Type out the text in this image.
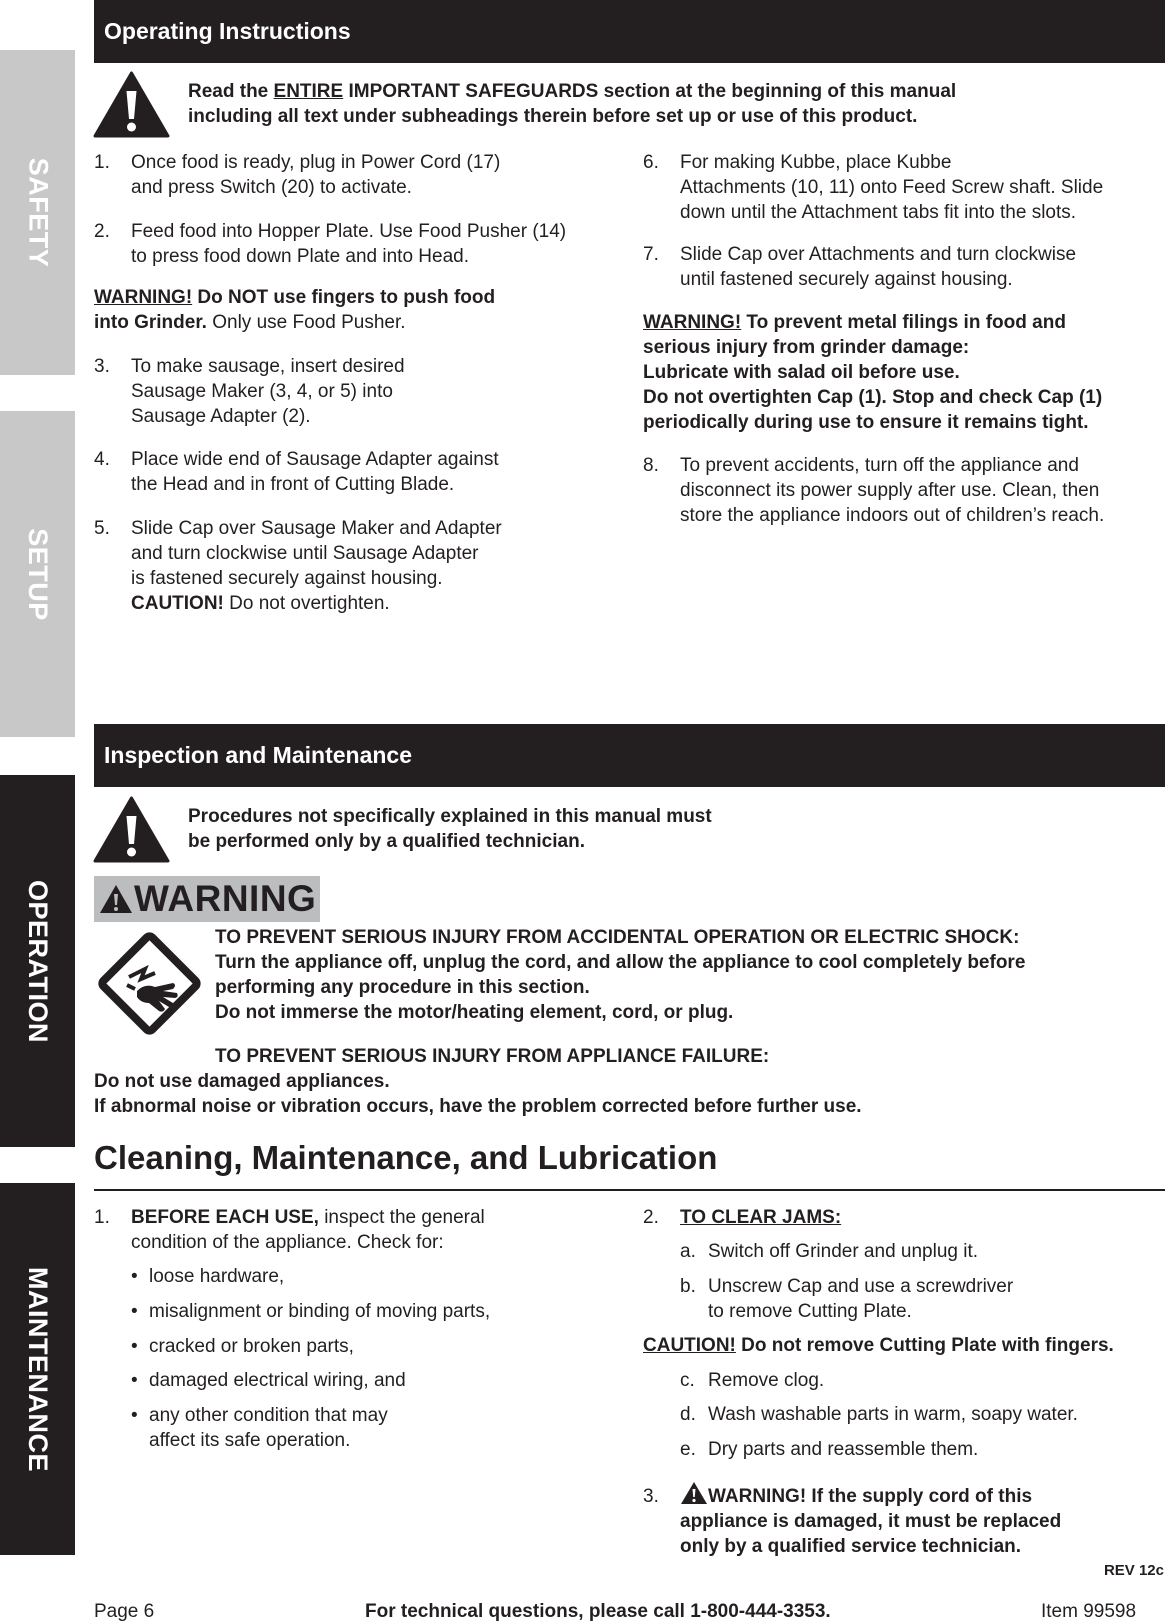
SAFETY
SETUP
OPERATION
MAINTENANCE
Operating Instructions
Read the ENTIRE IMPORTANT SAFEGUARDS section at the beginning of this manual
including all text under subheadings therein before set up or use of this product.
1. Once food is ready, plug in Power Cord (17)
and press Switch (20) to activate.
2. Feed food into Hopper Plate. Use Food Pusher (14)
to press food down Plate and into Head.
WARNING! Do NOT use fingers to push food
into Grinder. Only use Food Pusher.
3. To make sausage, insert desired
Sausage Maker (3, 4, or 5) into
Sausage Adapter (2).
4. Place wide end of Sausage Adapter against
the Head and in front of Cutting Blade.
5. Slide Cap over Sausage Maker and Adapter
and turn clockwise until Sausage Adapter
is fastened securely against housing.
CAUTION! Do not overtighten.
6. For making Kubbe, place Kubbe
Attachments (10, 11) onto Feed Screw shaft. Slide
down until the Attachment tabs fit into the slots.
7. Slide Cap over Attachments and turn clockwise
until fastened securely against housing.
WARNING! To prevent metal filings in food and
serious injury from grinder damage:
Lubricate with salad oil before use.
Do not overtighten Cap (1). Stop and check Cap (1)
periodically during use to ensure it remains tight.
8. To prevent accidents, turn off the appliance and
disconnect its power supply after use. Clean, then
store the appliance indoors out of children’s reach.
Inspection and Maintenance
Procedures not specifically explained in this manual must
be performed only by a qualified technician.
WARNING
TO PREVENT SERIOUS INJURY FROM ACCIDENTAL OPERATION OR ELECTRIC SHOCK:
Turn the appliance off, unplug the cord, and allow the appliance to cool completely before
performing any procedure in this section.
Do not immerse the motor/heating element, cord, or plug.
TO PREVENT SERIOUS INJURY FROM APPLIANCE FAILURE:
Do not use damaged appliances.
If abnormal noise or vibration occurs, have the problem corrected before further use.
Cleaning, Maintenance, and Lubrication
1. BEFORE EACH USE, inspect the general
condition of the appliance. Check for:
• loose hardware,
• misalignment or binding of moving parts,
• cracked or broken parts,
• damaged electrical wiring, and
• any other condition that may
affect its safe operation.
2. TO CLEAR JAMS:
a. Switch off Grinder and unplug it.
b. Unscrew Cap and use a screwdriver
to remove Cutting Plate.
CAUTION! Do not remove Cutting Plate with fingers.
c. Remove clog.
d. Wash washable parts in warm, soapy water.
e. Dry parts and reassemble them.
3.	WARNING! If the supply cord of this
appliance is damaged, it must be replaced
only by a qualified service technician.
REV 12c
Page 6	For technical questions, please call 1-800-444-3353.	Item 99598
